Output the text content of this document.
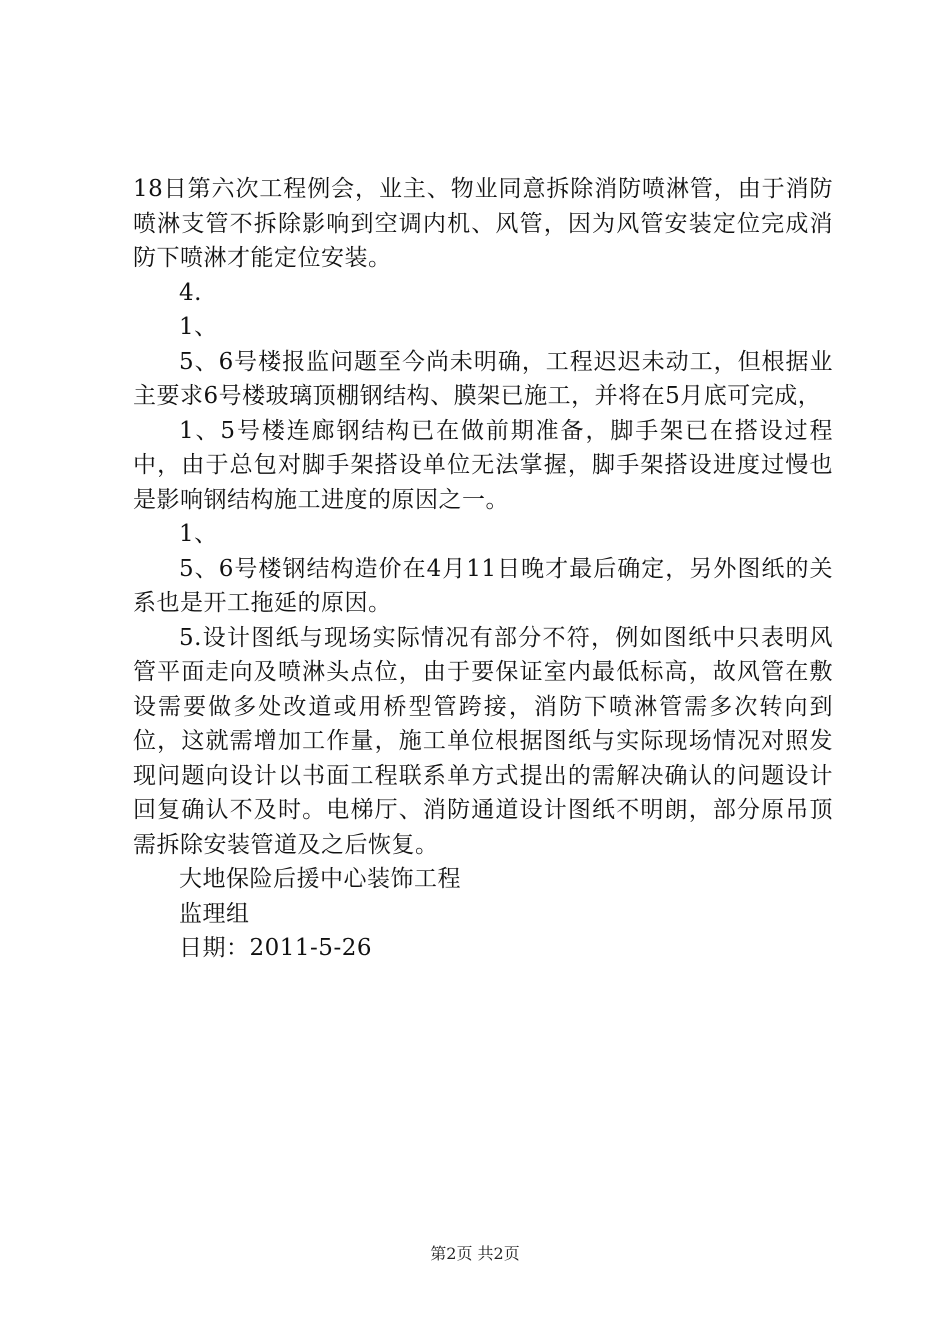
18日第六次工程例会，业主、物业同意拆除消防喷淋管，由于消防喷淋支管不拆除影响到空调内机、风管，因为风管安装定位完成消防下喷淋才能定位安装。

4.

1、

5、6号楼报监问题至今尚未明确，工程迟迟未动工，但根据业主要求6号楼玻璃顶棚钢结构、膜架已施工，并将在5月底可完成，

1、5号楼连廊钢结构已在做前期准备，脚手架已在搭设过程中，由于总包对脚手架搭设单位无法掌握，脚手架搭设进度过慢也是影响钢结构施工进度的原因之一。

1、

5、6号楼钢结构造价在4月11日晚才最后确定，另外图纸的关系也是开工拖延的原因。

5.设计图纸与现场实际情况有部分不符，例如图纸中只表明风管平面走向及喷淋头点位，由于要保证室内最低标高，故风管在敷设需要做多处改道或用桥型管跨接，消防下喷淋管需多次转向到位，这就需增加工作量，施工单位根据图纸与实际现场情况对照发现问题向设计以书面工程联系单方式提出的需解决确认的问题设计回复确认不及时。电梯厅、消防通道设计图纸不明朗，部分原吊顶需拆除安装管道及之后恢复。

大地保险后援中心装饰工程

监理组

日期：2011-5-26

第2页 共2页
